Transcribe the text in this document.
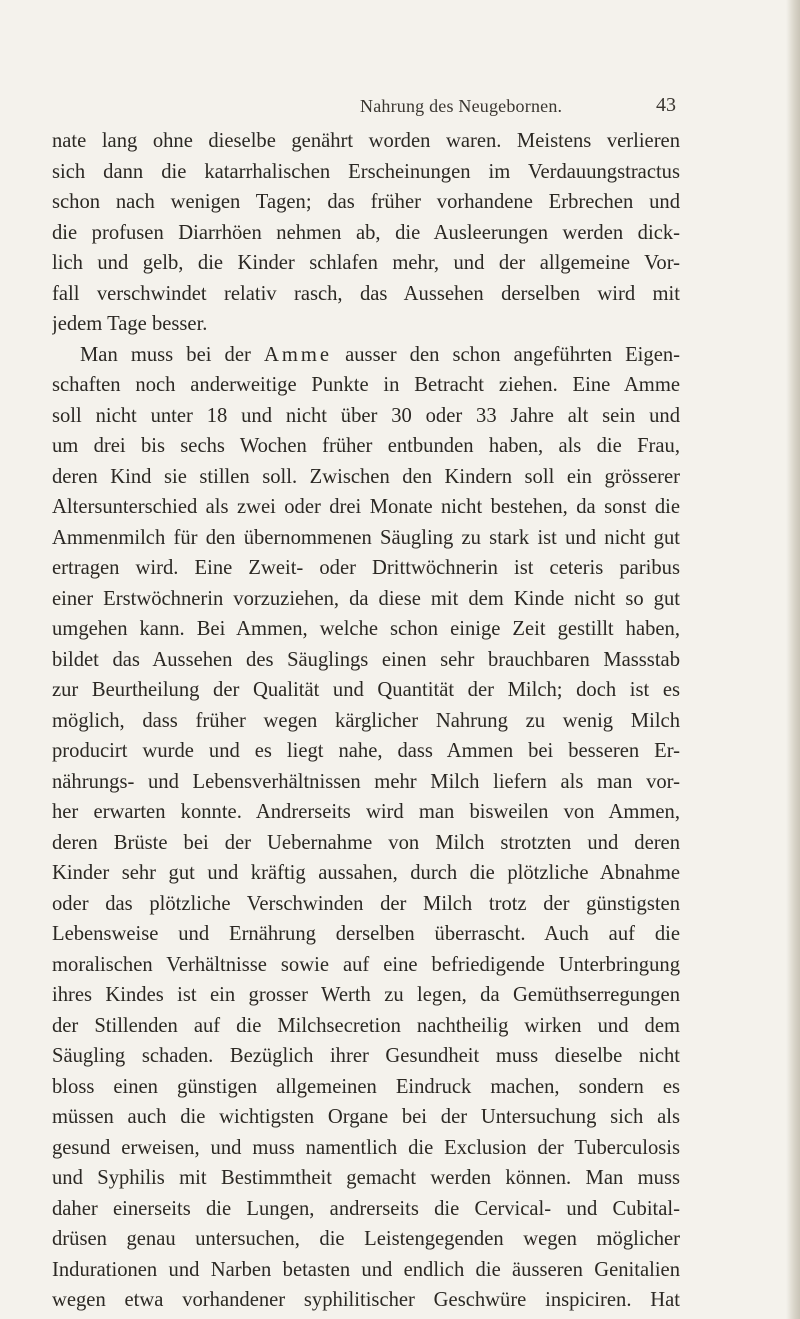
Nahrung des Neugebornen.	43
nate lang ohne dieselbe genährt worden waren. Meistens verlieren
sich dann die katarrhalischen Erscheinungen im Verdauungstractus
schon nach wenigen Tagen; das früher vorhandene Erbrechen und
die profusen Diarrhöen nehmen ab, die Ausleerungen werden dick-
lich und gelb, die Kinder schlafen mehr, und der allgemeine Vor-
fall verschwindet relativ rasch, das Aussehen derselben wird mit
jedem Tage besser.
Man muss bei der Amme ausser den schon angeführten Eigen-
schaften noch anderweitige Punkte in Betracht ziehen. Eine Amme
soll nicht unter 18 und nicht über 30 oder 33 Jahre alt sein und
um drei bis sechs Wochen früher entbunden haben, als die Frau,
deren Kind sie stillen soll. Zwischen den Kindern soll ein grösserer
Altersunterschied als zwei oder drei Monate nicht bestehen, da sonst die
Ammenmilch für den übernommenen Säugling zu stark ist und nicht gut
ertragen wird. Eine Zweit- oder Drittwöchnerin ist ceteris paribus
einer Erstwöchnerin vorzuziehen, da diese mit dem Kinde nicht so gut
umgehen kann. Bei Ammen, welche schon einige Zeit gestillt haben,
bildet das Aussehen des Säuglings einen sehr brauchbaren Massstab
zur Beurtheilung der Qualität und Quantität der Milch; doch ist es
möglich, dass früher wegen kärglicher Nahrung zu wenig Milch
producirt wurde und es liegt nahe, dass Ammen bei besseren Er-
nährungs- und Lebensverhältnissen mehr Milch liefern als man vor-
her erwarten konnte. Andrerseits wird man bisweilen von Ammen,
deren Brüste bei der Uebernahme von Milch strotzten und deren
Kinder sehr gut und kräftig aussahen, durch die plötzliche Abnahme
oder das plötzliche Verschwinden der Milch trotz der günstigsten
Lebensweise und Ernährung derselben überrascht. Auch auf die
moralischen Verhältnisse sowie auf eine befriedigende Unterbringung
ihres Kindes ist ein grosser Werth zu legen, da Gemüthserregungen
der Stillenden auf die Milchsecretion nachtheilig wirken und dem
Säugling schaden. Bezüglich ihrer Gesundheit muss dieselbe nicht
bloss einen günstigen allgemeinen Eindruck machen, sondern es
müssen auch die wichtigsten Organe bei der Untersuchung sich als
gesund erweisen, und muss namentlich die Exclusion der Tuberculosis
und Syphilis mit Bestimmtheit gemacht werden können. Man muss
daher einerseits die Lungen, andrerseits die Cervical- und Cubital-
drüsen genau untersuchen, die Leistengegenden wegen möglicher
Indurationen und Narben betasten und endlich die äusseren Genitalien
wegen etwa vorhandener syphilitischer Geschwüre inspiciren. Hat
